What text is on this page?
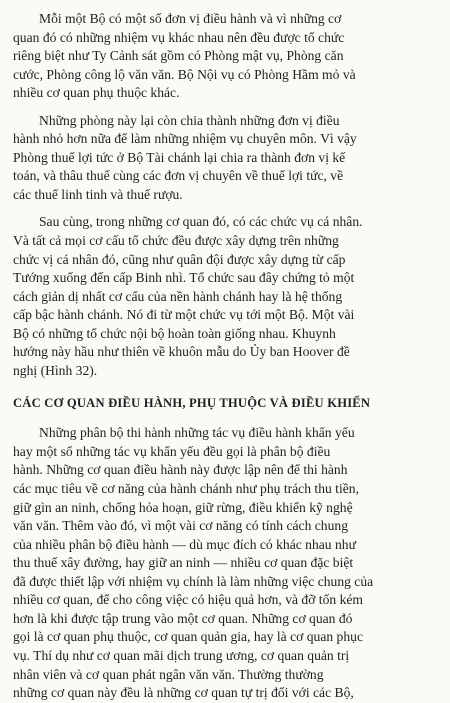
Mỗi một Bộ có một số đơn vị điều hành và vì những cơ
quan đó có những nhiệm vụ khác nhau nên đều được tổ chức
riêng biệt như Ty Cảnh sát gồm có Phòng mật vụ, Phòng căn
cước, Phòng công lộ văn văn. Bộ Nội vụ có Phòng Hầm mỏ và
nhiều cơ quan phụ thuộc khác.

Những phòng này lại còn chia thành những đơn vị điều
hành nhỏ hơn nữa để làm những nhiệm vụ chuyên môn. Vì vậy
Phòng thuế lợi tức ở Bộ Tài chánh lại chia ra thành đơn vị kế
toán, và thâu thuế cùng các đơn vị chuyên về thuế lợi tức, về
các thuế linh tinh và thuế rượu.

Sau cùng, trong những cơ quan đó, có các chức vụ cá nhân.
Và tất cả mọi cơ cấu tổ chức đều được xây dựng trên những
chức vị cá nhân đó, cũng như quân đội được xây dựng từ cấp
Tướng xuống đến cấp Binh nhì. Tổ chức sau đây chứng tỏ một
cách giản dị nhất cơ cấu của nền hành chánh hay là hệ thống
cấp bậc hành chánh. Nó đi từ một chức vụ tới một Bộ. Một vài
Bộ có những tổ chức nội bộ hoàn toàn giống nhau. Khuynh
hướng này hầu như thiên về khuôn mẫu do Ủy ban Hoover đề
nghị (Hình 32).

CÁC CƠ QUAN ĐIỀU HÀNH, PHỤ THUỘC VÀ ĐIỀU KHIỂN

Những phân bộ thi hành những tác vụ điều hành khẩn yếu
hay một số những tác vụ khẩn yếu đều gọi là phân bộ điều
hành. Những cơ quan điều hành này được lập nên để thi hành
các mục tiêu về cơ năng của hành chánh như phụ trách thu tiền,
giữ gìn an ninh, chống hỏa hoạn, giữ rừng, điều khiển kỹ nghệ
văn văn. Thêm vào đó, vì một vài cơ năng có tính cách chung
của nhiều phân bộ điều hành — dù mục đích có khác nhau như
thu thuế xây đường, hay giữ an ninh — nhiều cơ quan đặc biệt
đã được thiết lập với nhiệm vụ chính là làm những việc chung của
nhiều cơ quan, để cho công việc có hiệu quả hơn, và đỡ tốn kém
hơn là khi được tập trung vào một cơ quan. Những cơ quan đó
gọi là cơ quan phụ thuộc, cơ quan quản gia, hay là cơ quan phục
vụ. Thí dụ như cơ quan mãi dịch trung ương, cơ quan quản trị
nhân viên và cơ quan phát ngân văn văn. Thường thường
những cơ quan này đều là những cơ quan tự trị đối với các Bộ,
